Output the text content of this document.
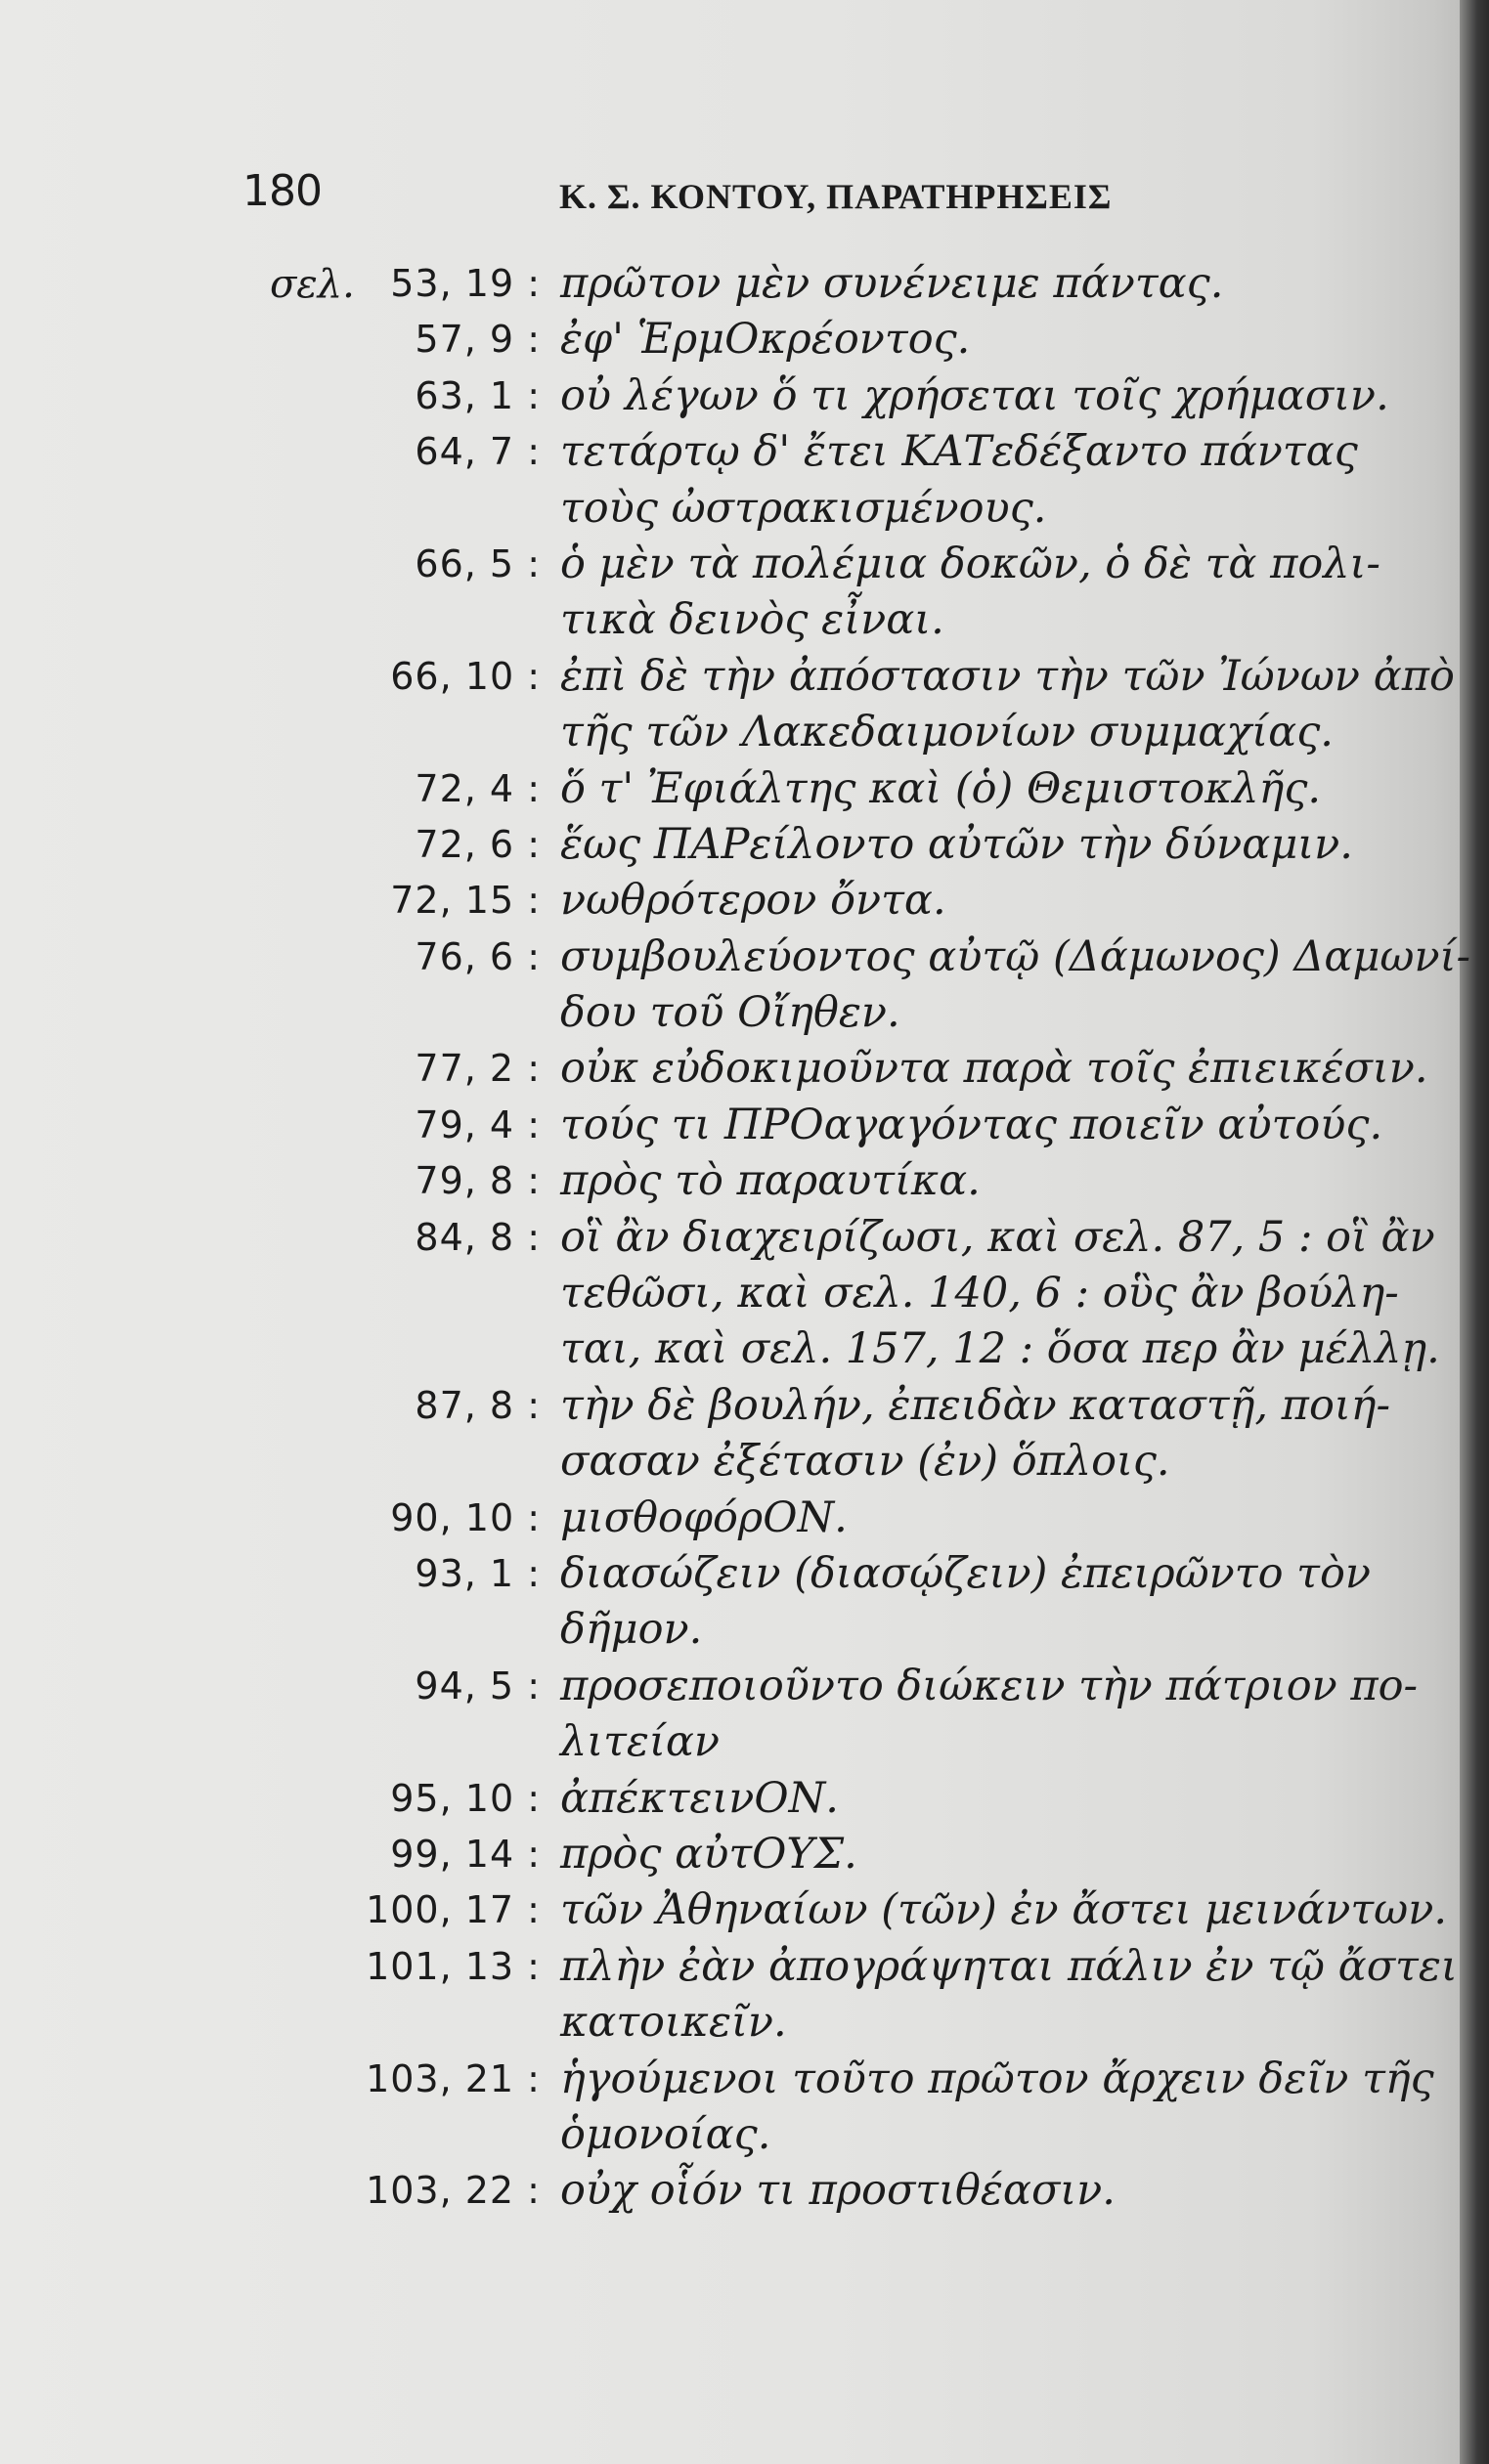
180	Κ. Σ. ΚΟΝΤΟΥ, ΠΑΡΑΤΗΡΗΣΕΙΣ
σελ. 53, 19 : πρῶτον μὲν συνένειμε πάντας.
57, 9 : ἐφ' ἙρμΟκρέοντος.
63, 1 : οὐ λέγων ὅ τι χρήσεται τοῖς χρήμασιν.
64, 7 : τετάρτῳ δ' ἔτει ΚΑΤεδέξαντο πάντας
τοὺς ὠστρακισμένους.
66, 5 : ὁ μὲν τὰ πολέμια δοκῶν, ὁ δὲ τὰ πολι-
τικὰ δεινὸς εἶναι.
66, 10 : ἐπὶ δὲ τὴν ἀπόστασιν τὴν τῶν Ἰώνων ἀπὸ
τῆς τῶν Λακεδαιμονίων συμμαχίας.
72, 4 : ὅ τ' Ἐφιάλτης καὶ (ὁ) Θεμιστοκλῆς.
72, 6 : ἕως ΠΑΡείλοντο αὐτῶν τὴν δύναμιν.
72, 15 : νωθρότερον ὄντα.
76, 6 : συμβουλεύοντος αὐτῷ (Δάμωνος) Δαμωνί-
δου τοῦ Οἴηθεν.
77, 2 : οὐκ εὐδοκιμοῦντα παρὰ τοῖς ἐπιεικέσιν.
79, 4 : τούς τι ΠΡΟαγαγόντας ποιεῖν αὐτούς.
79, 8 : πρὸς τὸ παραυτίκα.
84, 8 : οἳ ἂν διαχειρίζωσι, καὶ σελ. 87, 5 : οἳ ἂν
τεθῶσι, καὶ σελ. 140, 6 : οὓς ἂν βούλη-
ται, καὶ σελ. 157, 12 : ὅσα περ ἂν μέλλῃ.
87, 8 : τὴν δὲ βουλήν, ἐπειδὰν καταστῇ, ποιή-
σασαν ἐξέτασιν (ἐν) ὅπλοις.
90, 10 : μισθοφόρΟΝ.
93, 1 : διασώζειν (διασῴζειν) ἐπειρῶντο τὸν
δῆμον.
94, 5 : προσεποιοῦντο διώκειν τὴν πάτριον πο-
λιτείαν
95, 10 : ἀπέκτεινΟΝ.
99, 14 : πρὸς αὐτΟΥΣ.
100, 17 : τῶν Ἀθηναίων (τῶν) ἐν ἄστει μεινάντων.
101, 13 : πλὴν ἐὰν ἀπογράψηται πάλιν ἐν τῷ ἄστει
κατοικεῖν.
103, 21 : ἡγούμενοι τοῦτο πρῶτον ἄρχειν δεῖν τῆς
ὁμονοίας.
103, 22 : οὐχ οἷόν τι προστιθέασιν.
